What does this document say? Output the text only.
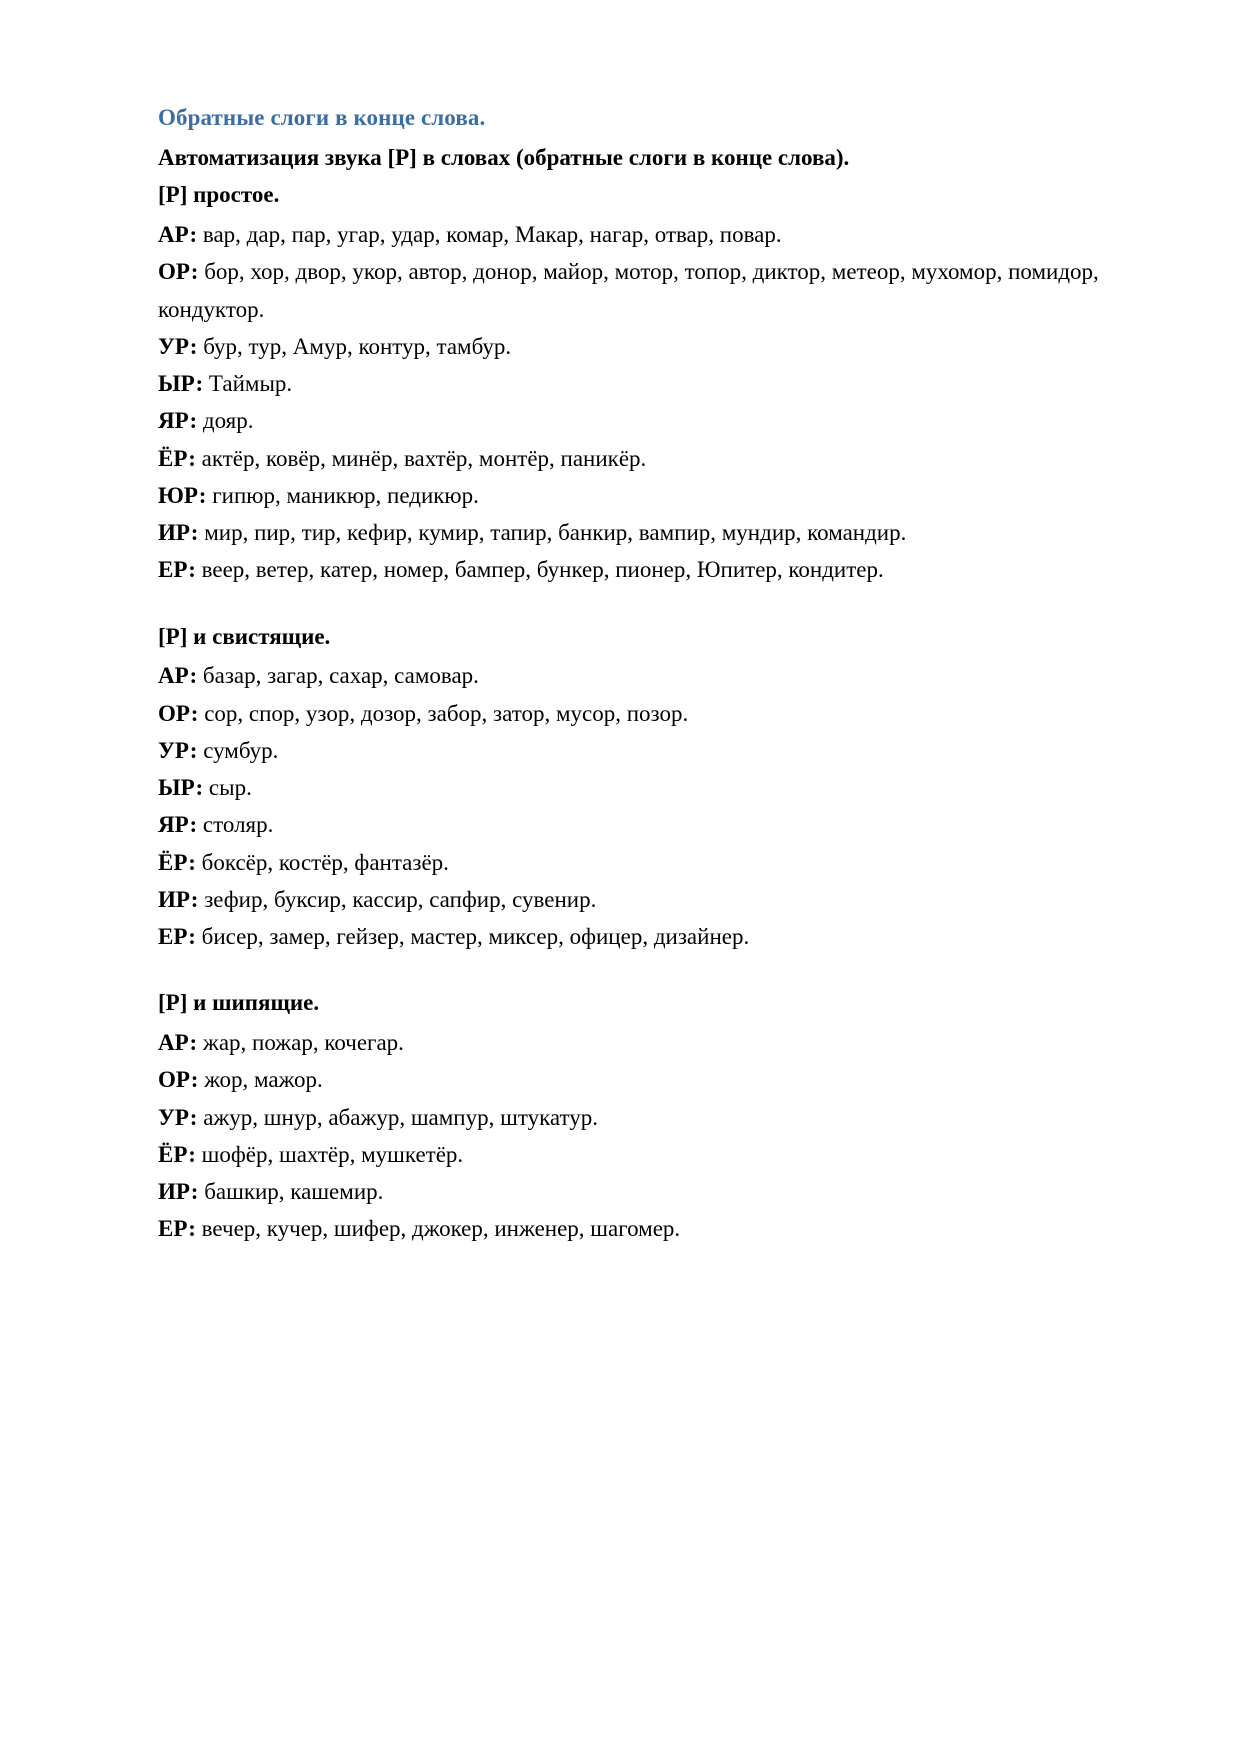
Обратные слоги в конце слова.

Автоматизация звука [Р] в словах (обратные слоги в конце слова).

[Р] простое.

АР: вар, дар, пар, угар, удар, комар, Макар, нагар, отвар, повар.

ОР: бор, хор, двор, укор, автор, донор, майор, мотор, топор, диктор, метеор, мухомор, помидор, кондуктор.

УР: бур, тур, Амур, контур, тамбур.

ЫР: Таймыр.

ЯР: дояр.

ЁР: актёр, ковёр, минёр, вахтёр, монтёр, паникёр.

ЮР: гипюр, маникюр, педикюр.

ИР: мир, пир, тир, кефир, кумир, тапир, банкир, вампир, мундир, командир.

ЕР: веер, ветер, катер, номер, бампер, бункер, пионер, Юпитер, кондитер.

[Р] и свистящие.

АР: базар, загар, сахар, самовар.

ОР: сор, спор, узор, дозор, забор, затор, мусор, позор.

УР: сумбур.

ЫР: сыр.

ЯР: столяр.

ЁР: боксёр, костёр, фантазёр.

ИР: зефир, буксир, кассир, сапфир, сувенир.

ЕР: бисер, замер, гейзер, мастер, миксер, офицер, дизайнер.

[Р] и шипящие.

АР: жар, пожар, кочегар.

ОР: жор, мажор.

УР: ажур, шнур, абажур, шампур, штукатур.

ЁР: шофёр, шахтёр, мушкетёр.

ИР: башкир, кашемир.

ЕР: вечер, кучер, шифер, джокер, инженер, шагомер.
